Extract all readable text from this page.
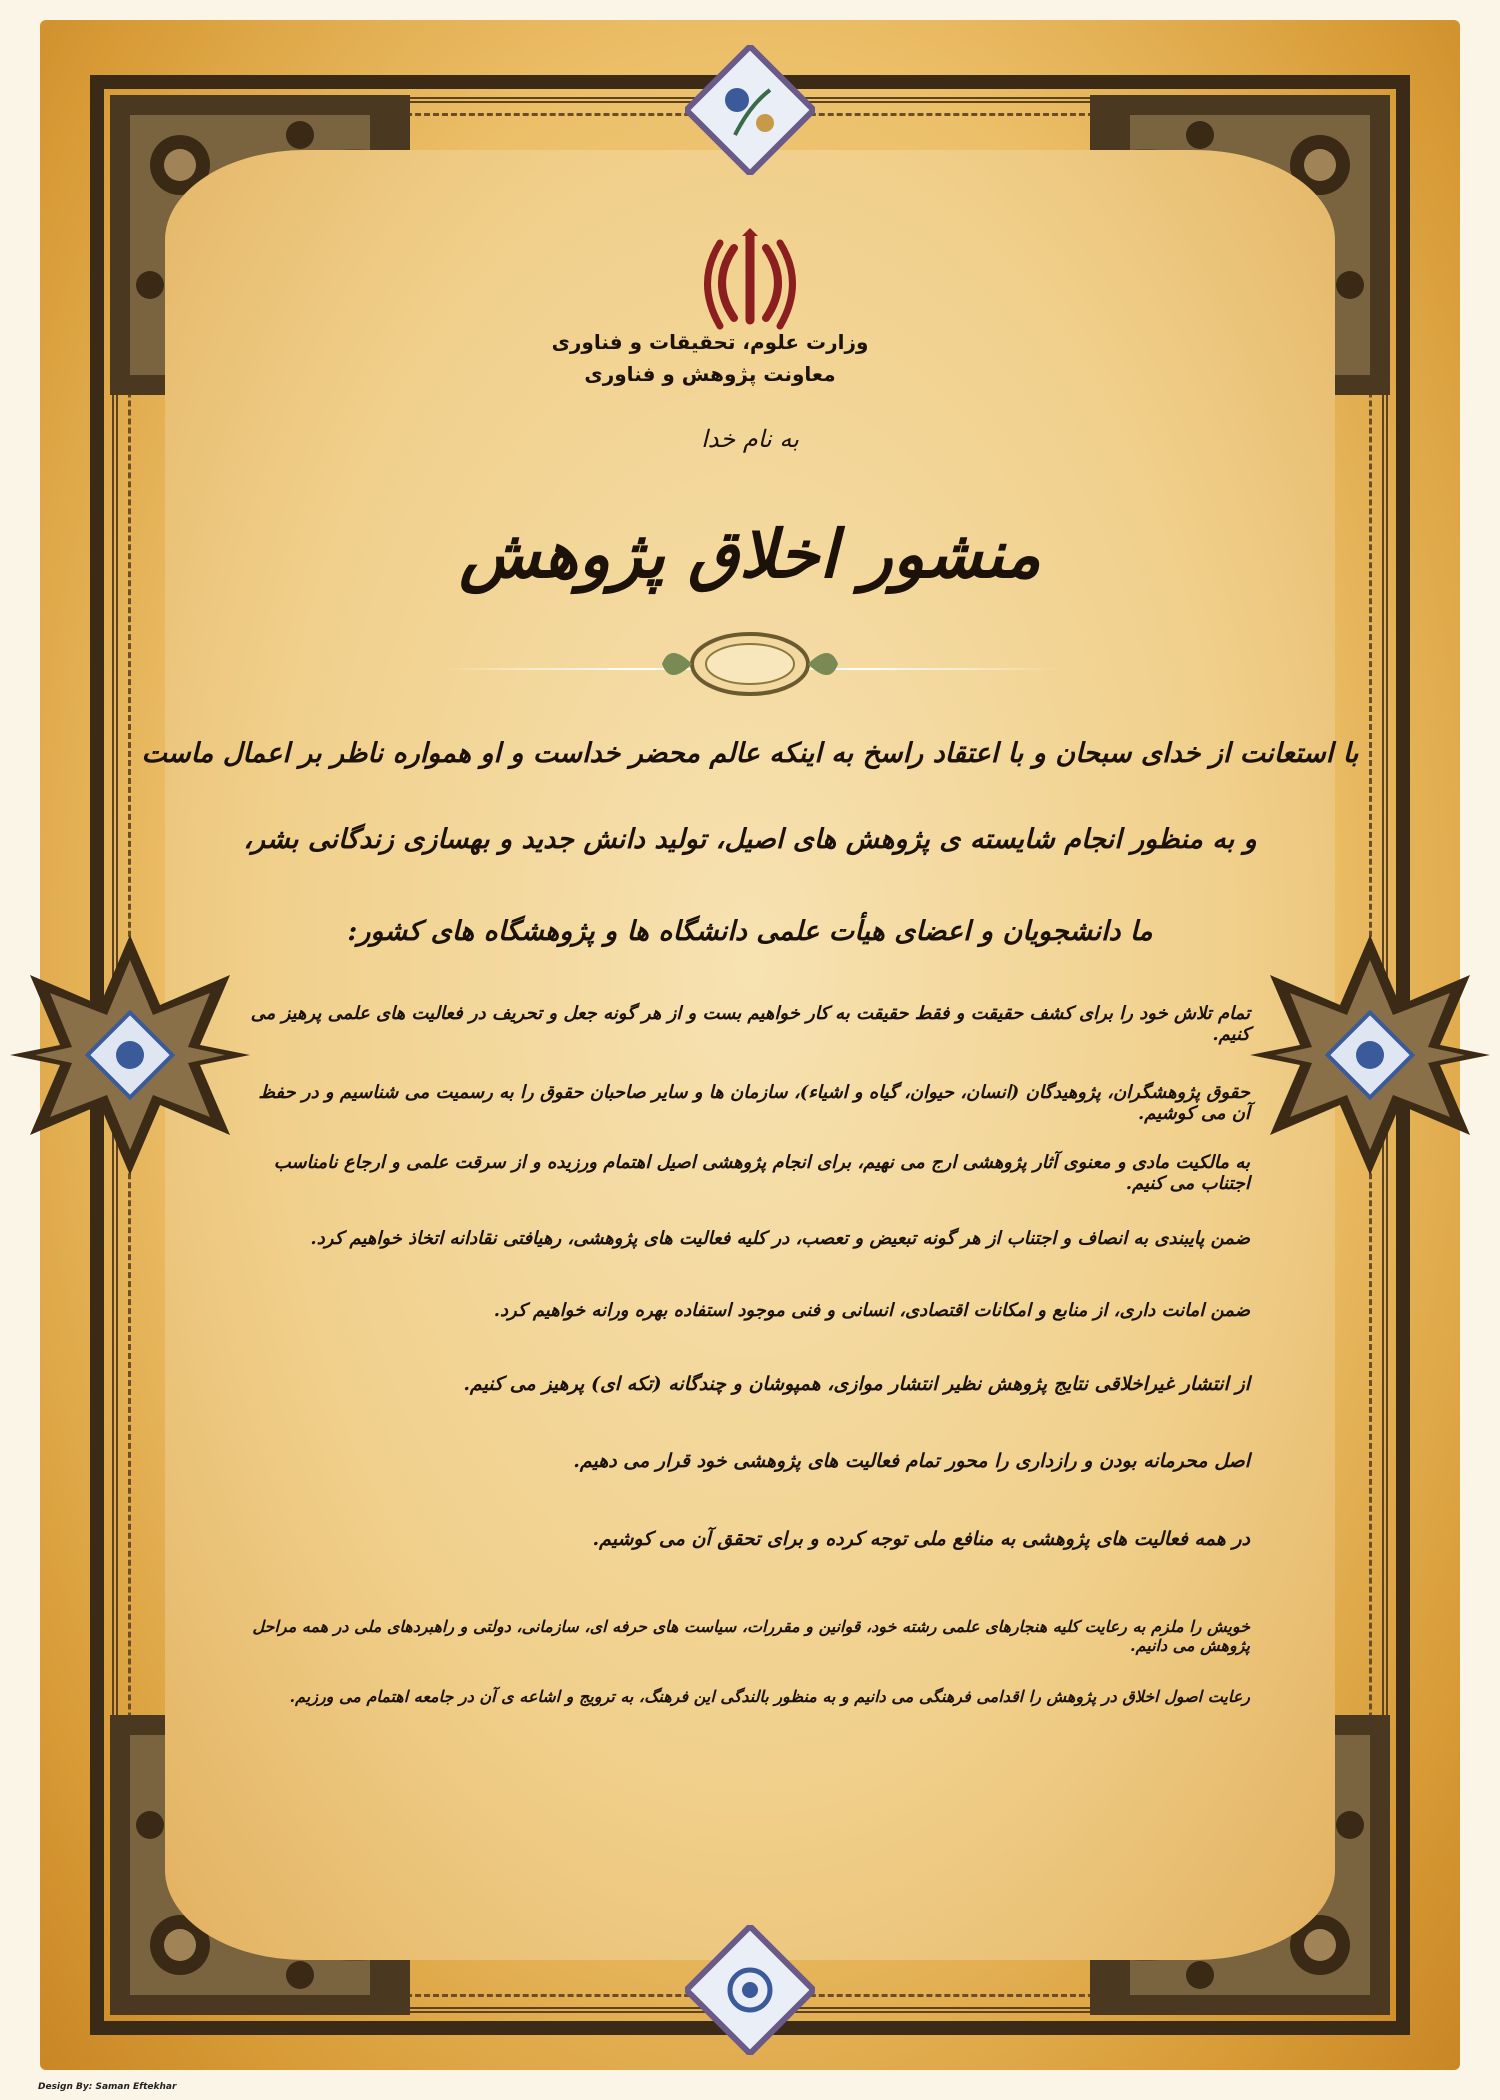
وزارت علوم، تحقیقات و فناوری
معاونت پژوهش و فناوری
به نام خدا
منشور اخلاق پژوهش
با استعانت از خدای سبحان و با اعتقاد راسخ به اینکه عالم محضر خداست و او همواره ناظر بر اعمال ماست
و به منظور انجام شایسته ی پژوهش های اصیل، تولید دانش جدید و بهسازی زندگانی بشر،
ما دانشجویان و اعضای هیأت علمی دانشگاه ها و پژوهشگاه های کشور:
تمام تلاش خود را برای کشف حقیقت و فقط حقیقت به کار خواهیم بست و از هر گونه جعل و تحریف در فعالیت های علمی پرهیز می کنیم.
حقوق پژوهشگران، پژوهیدگان (انسان، حیوان، گیاه و اشیاء)، سازمان ها و سایر صاحبان حقوق را به رسمیت می شناسیم و در حفظ آن می کوشیم.
به مالکیت مادی و معنوی آثار پژوهشی ارج می نهیم، برای انجام پژوهشی اصیل اهتمام ورزیده و از سرقت علمی و ارجاع نامناسب اجتناب می کنیم.
ضمن پایبندی به انصاف و اجتناب از هر گونه تبعیض و تعصب، در کلیه فعالیت های پژوهشی، رهیافتی نقادانه اتخاذ خواهیم کرد.
ضمن امانت داری، از منابع و امکانات اقتصادی، انسانی و فنی موجود استفاده بهره ورانه خواهیم کرد.
از انتشار غیراخلاقی نتایج پژوهش نظیر انتشار موازی، همپوشان و چندگانه (تکه ای) پرهیز می کنیم.
اصل محرمانه بودن و رازداری را محور تمام فعالیت های پژوهشی خود قرار می دهیم.
در همه فعالیت های پژوهشی به منافع ملی توجه کرده و برای تحقق آن می کوشیم.
خویش را ملزم به رعایت کلیه هنجارهای علمی رشته خود، قوانین و مقررات، سیاست های حرفه ای، سازمانی، دولتی و راهبردهای ملی در همه مراحل پژوهش می دانیم.
رعایت اصول اخلاق در پژوهش را اقدامی فرهنگی می دانیم و به منظور بالندگی این فرهنگ، به ترویج و اشاعه ی آن در جامعه اهتمام می ورزیم.
Design By: Saman Eftekhar
